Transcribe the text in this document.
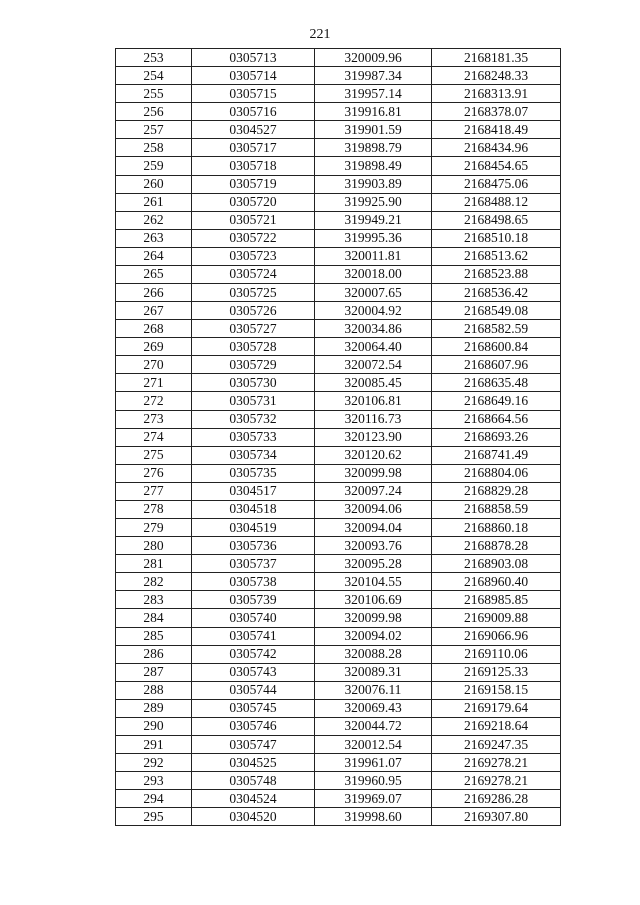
221
253	0305713	320009.96	2168181.35
254	0305714	319987.34	2168248.33
255	0305715	319957.14	2168313.91
256	0305716	319916.81	2168378.07
257	0304527	319901.59	2168418.49
258	0305717	319898.79	2168434.96
259	0305718	319898.49	2168454.65
260	0305719	319903.89	2168475.06
261	0305720	319925.90	2168488.12
262	0305721	319949.21	2168498.65
263	0305722	319995.36	2168510.18
264	0305723	320011.81	2168513.62
265	0305724	320018.00	2168523.88
266	0305725	320007.65	2168536.42
267	0305726	320004.92	2168549.08
268	0305727	320034.86	2168582.59
269	0305728	320064.40	2168600.84
270	0305729	320072.54	2168607.96
271	0305730	320085.45	2168635.48
272	0305731	320106.81	2168649.16
273	0305732	320116.73	2168664.56
274	0305733	320123.90	2168693.26
275	0305734	320120.62	2168741.49
276	0305735	320099.98	2168804.06
277	0304517	320097.24	2168829.28
278	0304518	320094.06	2168858.59
279	0304519	320094.04	2168860.18
280	0305736	320093.76	2168878.28
281	0305737	320095.28	2168903.08
282	0305738	320104.55	2168960.40
283	0305739	320106.69	2168985.85
284	0305740	320099.98	2169009.88
285	0305741	320094.02	2169066.96
286	0305742	320088.28	2169110.06
287	0305743	320089.31	2169125.33
288	0305744	320076.11	2169158.15
289	0305745	320069.43	2169179.64
290	0305746	320044.72	2169218.64
291	0305747	320012.54	2169247.35
292	0304525	319961.07	2169278.21
293	0305748	319960.95	2169278.21
294	0304524	319969.07	2169286.28
295	0304520	319998.60	2169307.80
